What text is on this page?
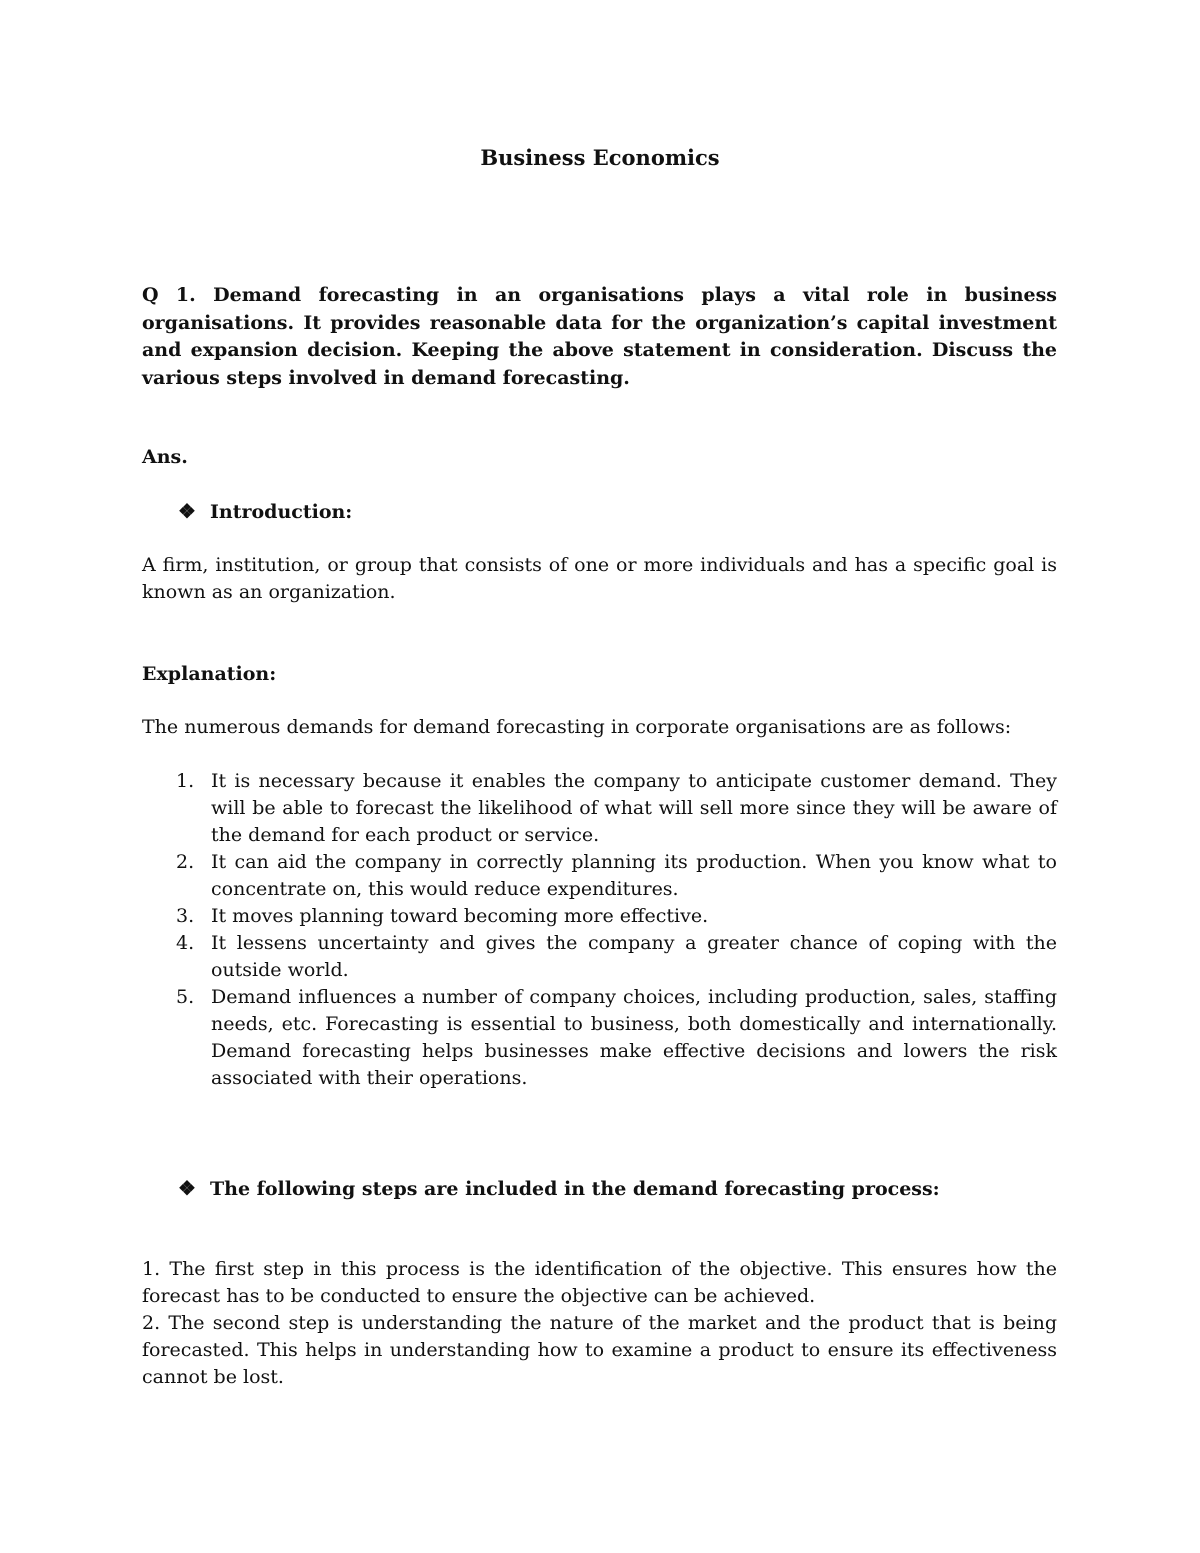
Business Economics
Q 1. Demand forecasting in an organisations plays a vital role in business organisations. It provides reasonable data for the organization’s capital investment and expansion decision. Keeping the above statement in consideration. Discuss the various steps involved in demand forecasting.
Ans.
❖ Introduction:
A firm, institution, or group that consists of one or more individuals and has a specific goal is known as an organization.
Explanation:
The numerous demands for demand forecasting in corporate organisations are as follows:
1. It is necessary because it enables the company to anticipate customer demand. They will be able to forecast the likelihood of what will sell more since they will be aware of the demand for each product or service.
2. It can aid the company in correctly planning its production. When you know what to concentrate on, this would reduce expenditures.
3. It moves planning toward becoming more effective.
4. It lessens uncertainty and gives the company a greater chance of coping with the outside world.
5. Demand influences a number of company choices, including production, sales, staffing needs, etc. Forecasting is essential to business, both domestically and internationally. Demand forecasting helps businesses make effective decisions and lowers the risk associated with their operations.
❖ The following steps are included in the demand forecasting process:

1. The first step in this process is the identification of the objective. This ensures how the forecast has to be conducted to ensure the objective can be achieved.

2. The second step is understanding the nature of the market and the product that is being forecasted. This helps in understanding how to examine a product to ensure its effectiveness cannot be lost.
